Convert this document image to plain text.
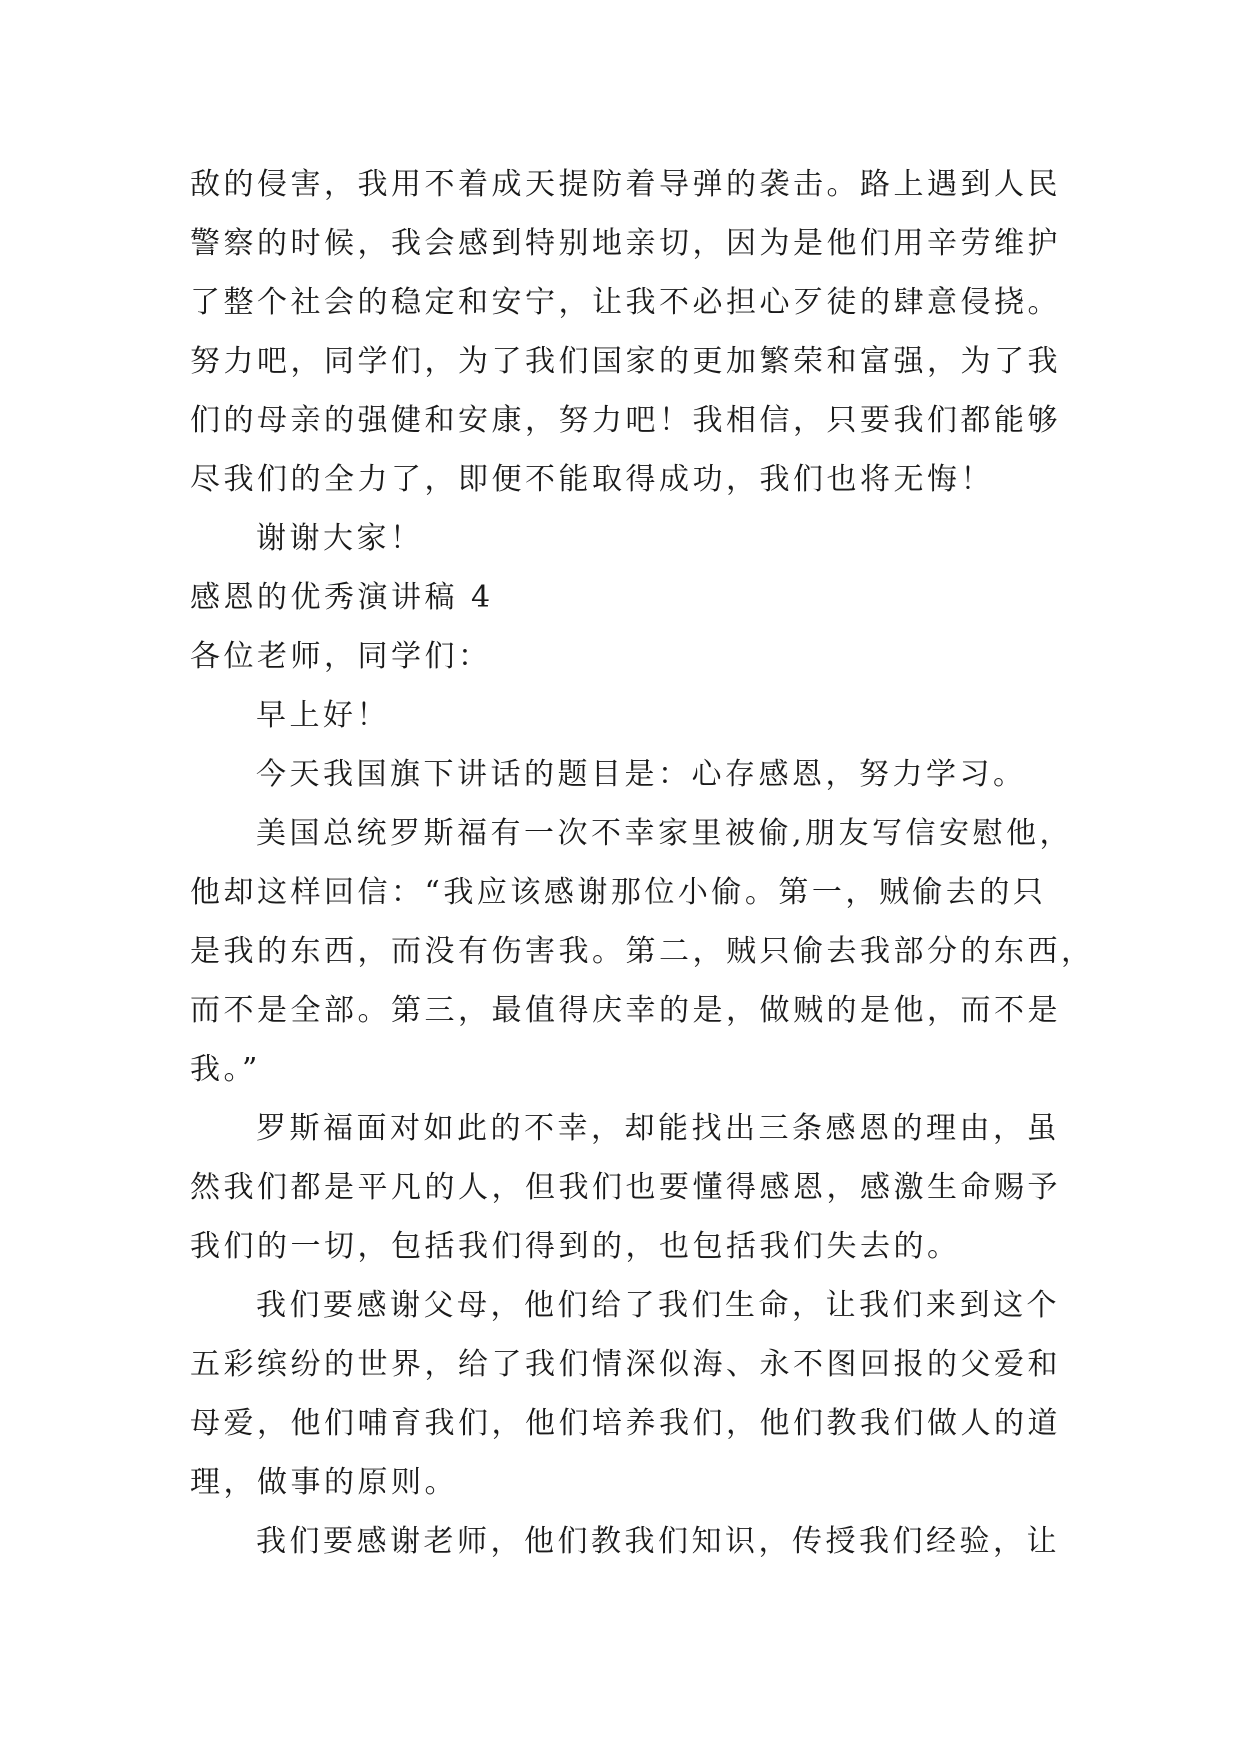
敌的侵害，我用不着成天提防着导弹的袭击。路上遇到人民
警察的时候，我会感到特别地亲切，因为是他们用辛劳维护
了整个社会的稳定和安宁，让我不必担心歹徒的肆意侵挠。
努力吧，同学们，为了我们国家的更加繁荣和富强，为了我
们的母亲的强健和安康，努力吧！我相信，只要我们都能够
尽我们的全力了，即便不能取得成功，我们也将无悔！
谢谢大家！
感恩的优秀演讲稿 4
各位老师，同学们：
早上好！
今天我国旗下讲话的题目是：心存感恩，努力学习。
美国总统罗斯福有一次不幸家里被偷,朋友写信安慰他，
他却这样回信：“我应该感谢那位小偷。第一，贼偷去的只
是我的东西，而没有伤害我。第二，贼只偷去我部分的东西，
而不是全部。第三，最值得庆幸的是，做贼的是他，而不是
我。”
罗斯福面对如此的不幸，却能找出三条感恩的理由，虽
然我们都是平凡的人，但我们也要懂得感恩，感激生命赐予
我们的一切，包括我们得到的，也包括我们失去的。
我们要感谢父母，他们给了我们生命，让我们来到这个
五彩缤纷的世界，给了我们情深似海、永不图回报的父爱和
母爱，他们哺育我们，他们培养我们，他们教我们做人的道
理，做事的原则。
我们要感谢老师，他们教我们知识，传授我们经验，让
